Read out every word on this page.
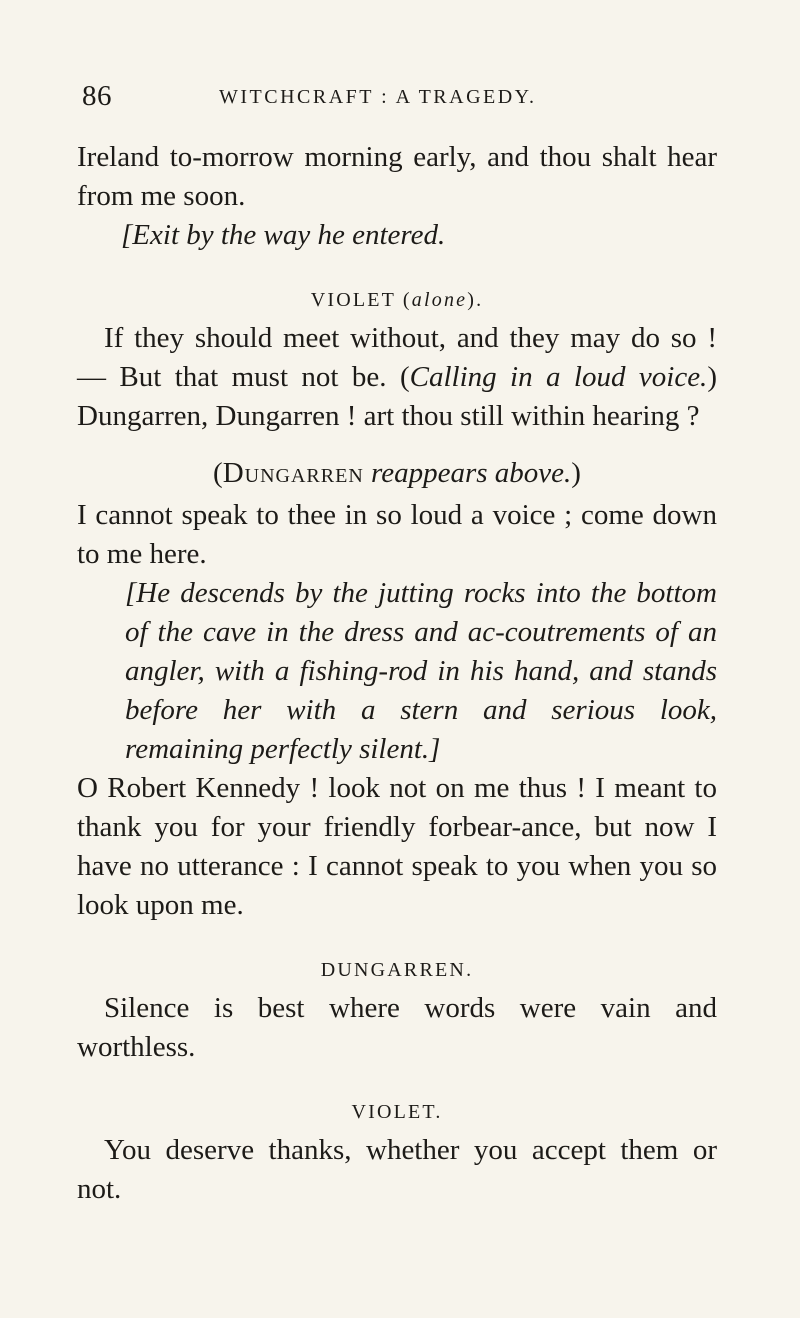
86	WITCHCRAFT : A TRAGEDY.

Ireland to-morrow morning early, and thou shalt hear from me soon.

[Exit by the way he entered.

VIOLET (alone).

If they should meet without, and they may do so ! — But that must not be. (Calling in a loud voice.) Dungarren, Dungarren ! art thou still within hearing ?

(Dungarren reappears above.)

I cannot speak to thee in so loud a voice ; come down to me here.

[He descends by the jutting rocks into the bottom of the cave in the dress and ac-coutrements of an angler, with a fishing-rod in his hand, and stands before her with a stern and serious look, remaining perfectly silent.]

O Robert Kennedy ! look not on me thus ! I meant to thank you for your friendly forbear-ance, but now I have no utterance : I cannot speak to you when you so look upon me.

DUNGARREN.

Silence is best where words were vain and worthless.

VIOLET.

You deserve thanks, whether you accept them or not.
